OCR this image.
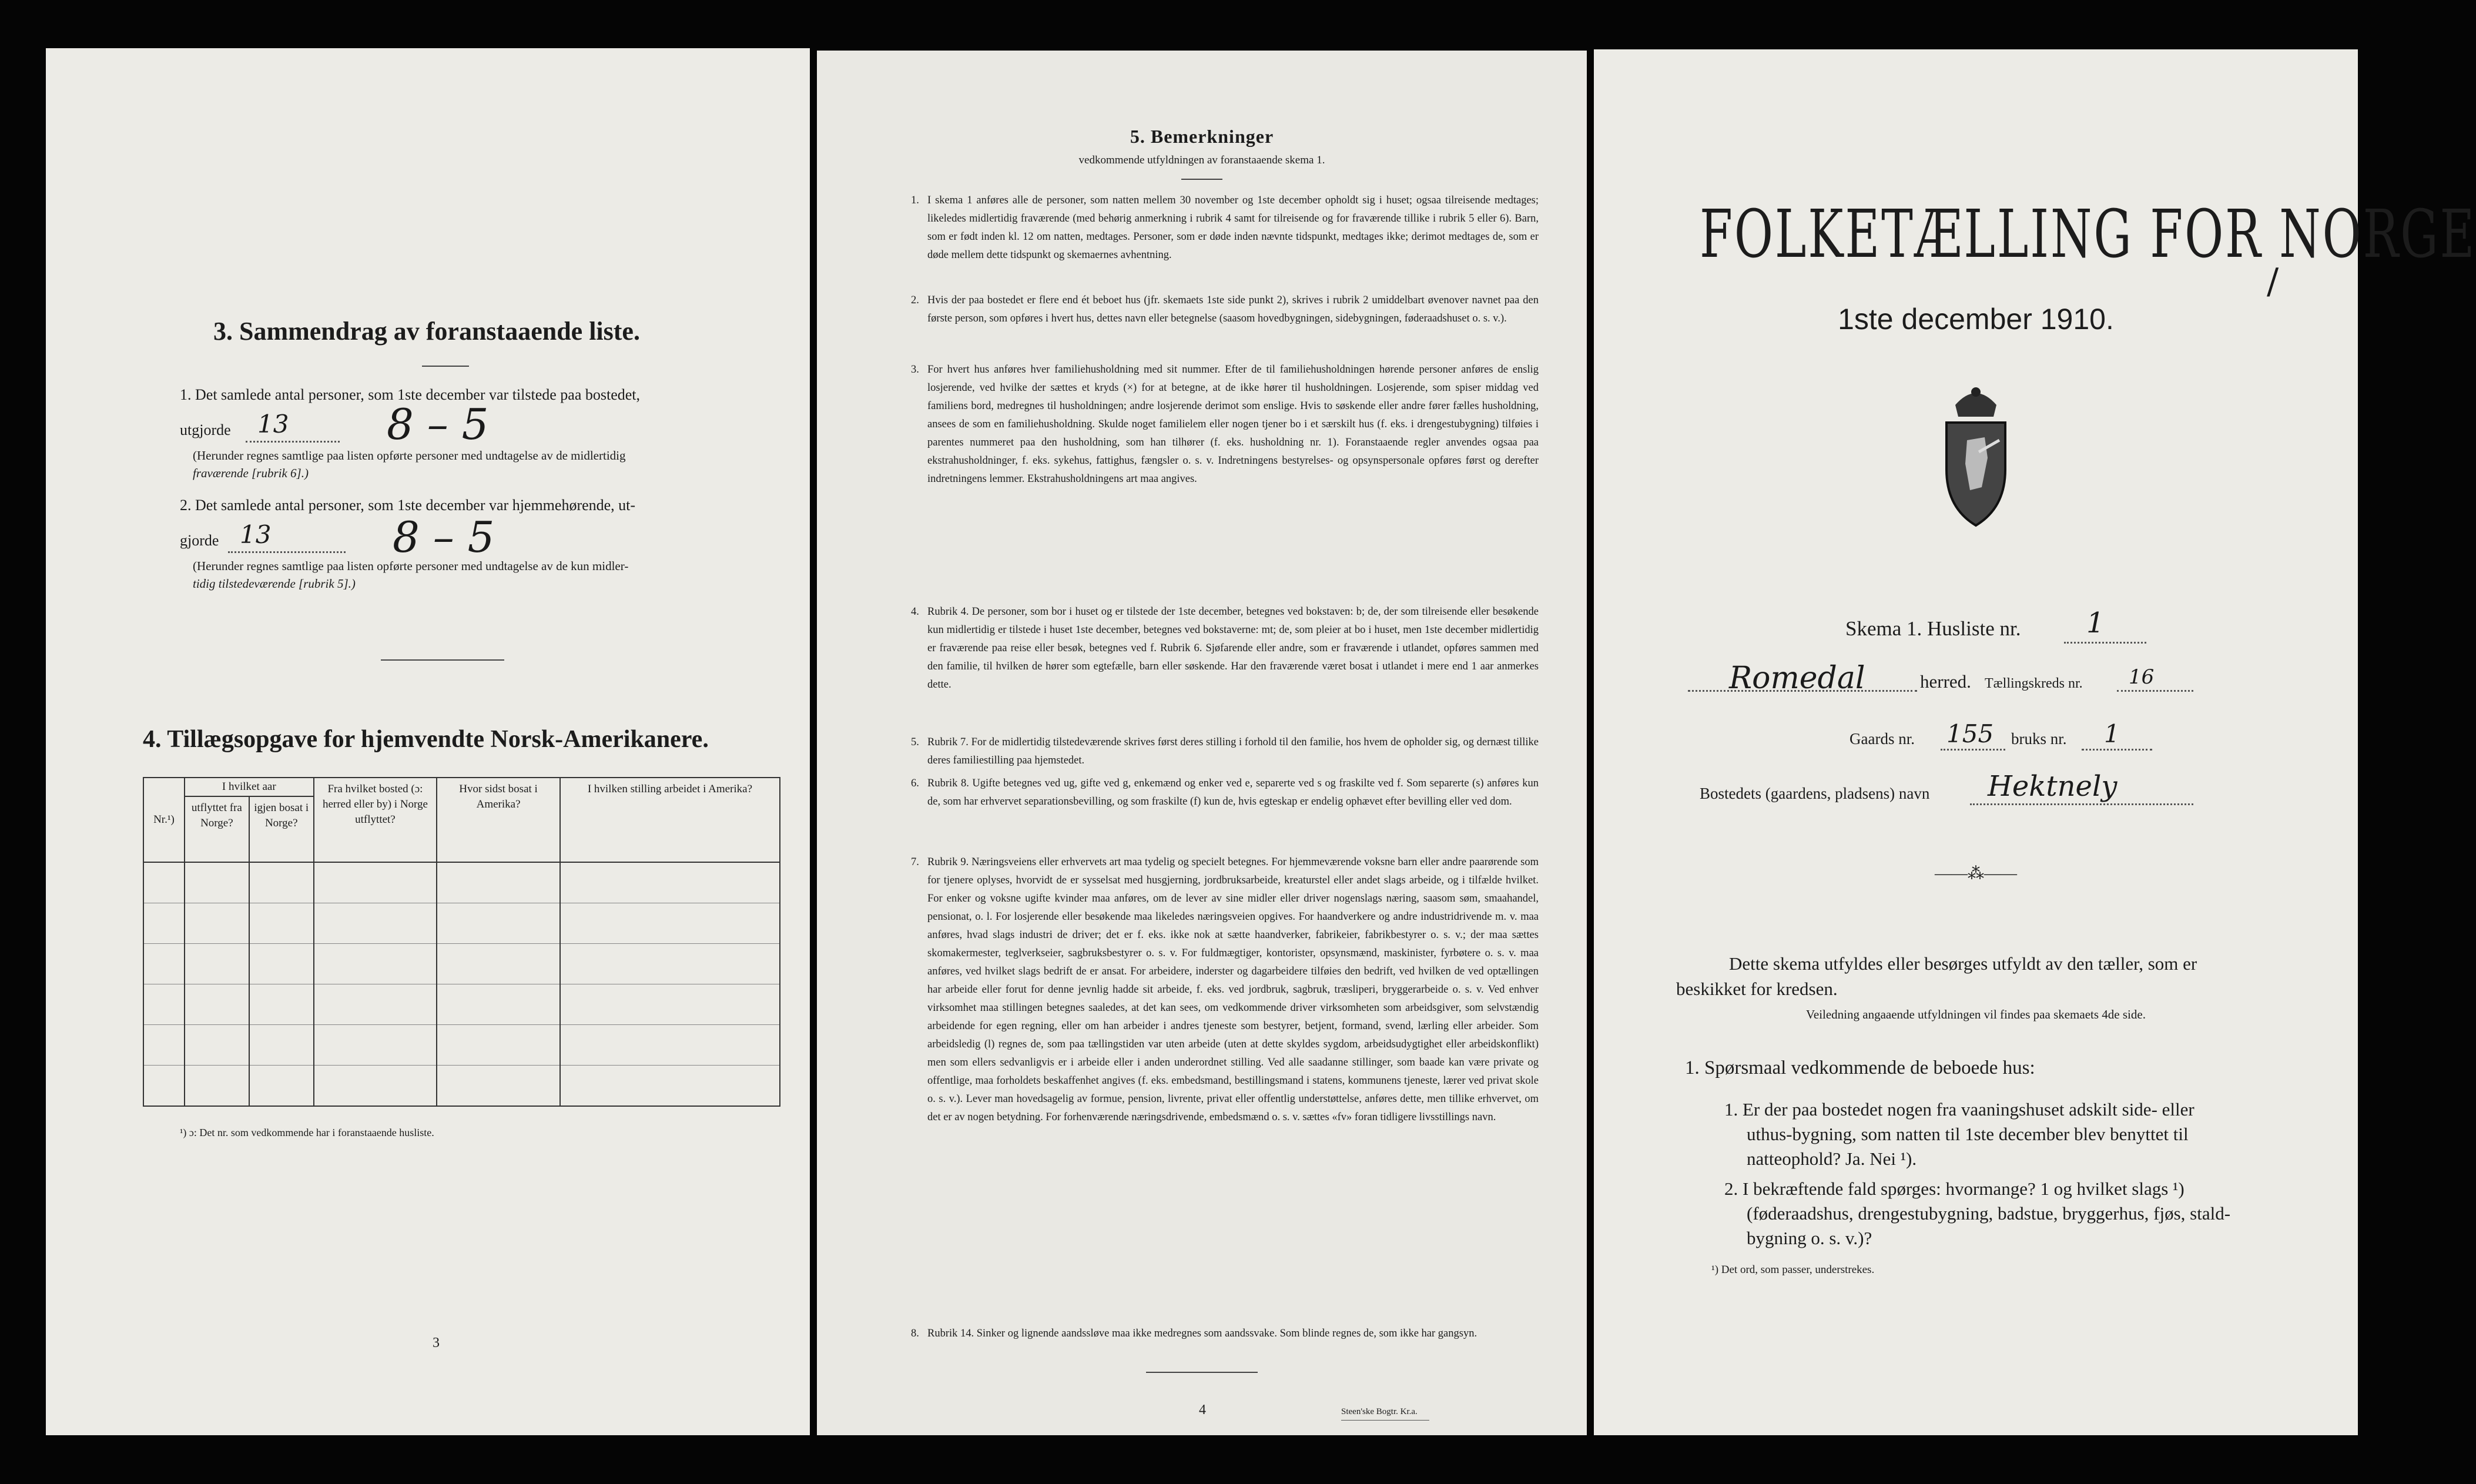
3. Sammendrag av foranstaaende liste.
1. Det samlede antal personer, som 1ste december var tilstede paa bostedet,
utgjorde 13 8 – 5
(Herunder regnes samtlige paa listen opførte personer med undtagelse av de midlertidig
fraværende [rubrik 6].)
2. Det samlede antal personer, som 1ste december var hjemmehørende, ut-
gjorde 13	8 – 5
(Herunder regnes samtlige paa listen opførte personer med undtagelse av de kun midler-
tidig tilstedeværende [rubrik 5].)
4. Tillægsopgave for hjemvendte Norsk-Amerikanere.
Nr.¹)	I hvilket aar		Fra hvilket bosted (ɔ: herred eller by) i Norge utflyttet?	Hvor sidst bosat i Amerika?	I hvilken stilling arbeidet i Amerika?
	utflyttet fra Norge?	igjen bosat i Norge?			

¹) ɔ: Det nr. som vedkommende har i foranstaaende husliste.
3
5. Bemerkninger
vedkommende utfyldningen av foranstaaende skema 1.
1. I skema 1 anføres alle de personer, som natten mellem 30 november og 1ste december opholdt sig i huset; ogsaa tilreisende medtages; likeledes midlertidig fraværende (med behørig anmerkning i rubrik 4 samt for tilreisende og for fraværende tillike i rubrik 5 eller 6). Barn, som er født inden kl. 12 om natten, medtages. Personer, som er døde inden nævnte tidspunkt, medtages ikke; derimot medtages de, som er døde mellem dette tidspunkt og skemaernes avhentning.
2. Hvis der paa bostedet er flere end ét beboet hus (jfr. skemaets 1ste side punkt 2), skrives i rubrik 2 umiddelbart øvenover navnet paa den første person, som opføres i hvert hus, dettes navn eller betegnelse (saasom hovedbygningen, sidebygningen, føderaadshuset o. s. v.).
3. For hvert hus anføres hver familiehusholdning med sit nummer. Efter de til familiehusholdningen hørende personer anføres de enslig losjerende, ved hvilke der sættes et kryds (×) for at betegne, at de ikke hører til husholdningen. Losjerende, som spiser middag ved familiens bord, medregnes til husholdningen; andre losjerende derimot som enslige. Hvis to søskende eller andre fører fælles husholdning, ansees de som en familiehusholdning. Skulde noget familielem eller nogen tjener bo i et særskilt hus (f. eks. i drengestubygning) tilføies i parentes nummeret paa den husholdning, som han tilhører (f. eks. husholdning nr. 1). Foranstaaende regler anvendes ogsaa paa ekstrahusholdninger, f. eks. sykehus, fattighus, fængsler o. s. v. Indretningens bestyrelses- og opsynspersonale opføres først og derefter indretningens lemmer. Ekstrahusholdningens art maa angives.
4. Rubrik 4. De personer, som bor i huset og er tilstede der 1ste december, betegnes ved bokstaven: b; de, der som tilreisende eller besøkende kun midlertidig er tilstede i huset 1ste december, betegnes ved bokstaverne: mt; de, som pleier at bo i huset, men 1ste december midlertidig er fraværende paa reise eller besøk, betegnes ved f. Rubrik 6. Sjøfarende eller andre, som er fraværende i utlandet, opføres sammen med den familie, til hvilken de hører som egtefælle, barn eller søskende. Har den fraværende været bosat i utlandet i mere end 1 aar anmerkes dette.
5. Rubrik 7. For de midlertidig tilstedeværende skrives først deres stilling i forhold til den familie, hos hvem de opholder sig, og dernæst tillike deres familiestilling paa hjemstedet.
6. Rubrik 8. Ugifte betegnes ved ug, gifte ved g, enkemænd og enker ved e, separerte ved s og fraskilte ved f. Som separerte (s) anføres kun de, som har erhvervet separationsbevilling, og som fraskilte (f) kun de, hvis egteskap er endelig ophævet efter bevilling eller ved dom.
7. Rubrik 9. Næringsveiens eller erhvervets art maa tydelig og specielt betegnes. For hjemmeværende voksne barn eller andre paarørende som for tjenere oplyses, hvorvidt de er sysselsat med husgjerning, jordbruksarbeide, kreaturstel eller andet slags arbeide, og i tilfælde hvilket. For enker og voksne ugifte kvinder maa anføres, om de lever av sine midler eller driver nogenslags næring, saasom søm, smaahandel, pensionat, o. l. For losjerende eller besøkende maa likeledes næringsveien opgives. For haandverkere og andre industridrivende m. v. maa anføres, hvad slags industri de driver; det er f. eks. ikke nok at sætte haandverker, fabrikeier, fabrikbestyrer o. s. v.; der maa sættes skomakermester, teglverkseier, sagbruksbestyrer o. s. v. For fuldmægtiger, kontorister, opsynsmænd, maskinister, fyrbøtere o. s. v. maa anføres, ved hvilket slags bedrift de er ansat. For arbeidere, inderster og dagarbeidere tilføies den bedrift, ved hvilken de ved optællingen har arbeide eller forut for denne jevnlig hadde sit arbeide, f. eks. ved jordbruk, sagbruk, træsliperi, bryggerarbeide o. s. v. Ved enhver virksomhet maa stillingen betegnes saaledes, at det kan sees, om vedkommende driver virksomheten som arbeidsgiver, som selvstændig arbeidende for egen regning, eller om han arbeider i andres tjeneste som bestyrer, betjent, formand, svend, lærling eller arbeider. Som arbeidsledig (l) regnes de, som paa tællingstiden var uten arbeide (uten at dette skyldes sygdom, arbeidsudygtighet eller arbeidskonflikt) men som ellers sedvanligvis er i arbeide eller i anden underordnet stilling. Ved alle saadanne stillinger, som baade kan være private og offentlige, maa forholdets beskaffenhet angives (f. eks. embedsmand, bestillingsmand i statens, kommunens tjeneste, lærer ved privat skole o. s. v.). Lever man hovedsagelig av formue, pension, livrente, privat eller offentlig understøttelse, anføres dette, men tillike erhvervet, om det er av nogen betydning. For forhenværende næringsdrivende, embedsmænd o. s. v. sættes «fv» foran tidligere livsstillings navn.
8. Rubrik 14. Sinker og lignende aandssløve maa ikke medregnes som aandssvake. Som blinde regnes de, som ikke har gangsyn.
4	Steen'ske Bogtr. Kr.a.
FOLKETÆLLING FOR NORGE
/
1ste december 1910.
Skema 1. Husliste nr. 1
Romedal	herred. Tællingskreds nr. 16
Gaards nr. 155 bruks nr. 1
Bostedets (gaardens, pladsens) navn Hektnely
——⁂——
Dette skema utfyldes eller besørges utfyldt av den tæller, som er
beskikket for kredsen.
Veiledning angaaende utfyldningen vil findes paa skemaets 4de side.
1. Spørsmaal vedkommende de beboede hus:
1. Er der paa bostedet nogen fra vaaningshuset adskilt side- eller
uthus-bygning, som natten til 1ste december blev benyttet til
natteophold? Ja. Nei ¹).
2. I bekræftende fald spørges: hvormange? 1 og hvilket slags ¹)
(føderaadshus, drengestubygning, badstue, bryggerhus, fjøs, stald-
bygning o. s. v.)?
¹) Det ord, som passer, understrekes.
